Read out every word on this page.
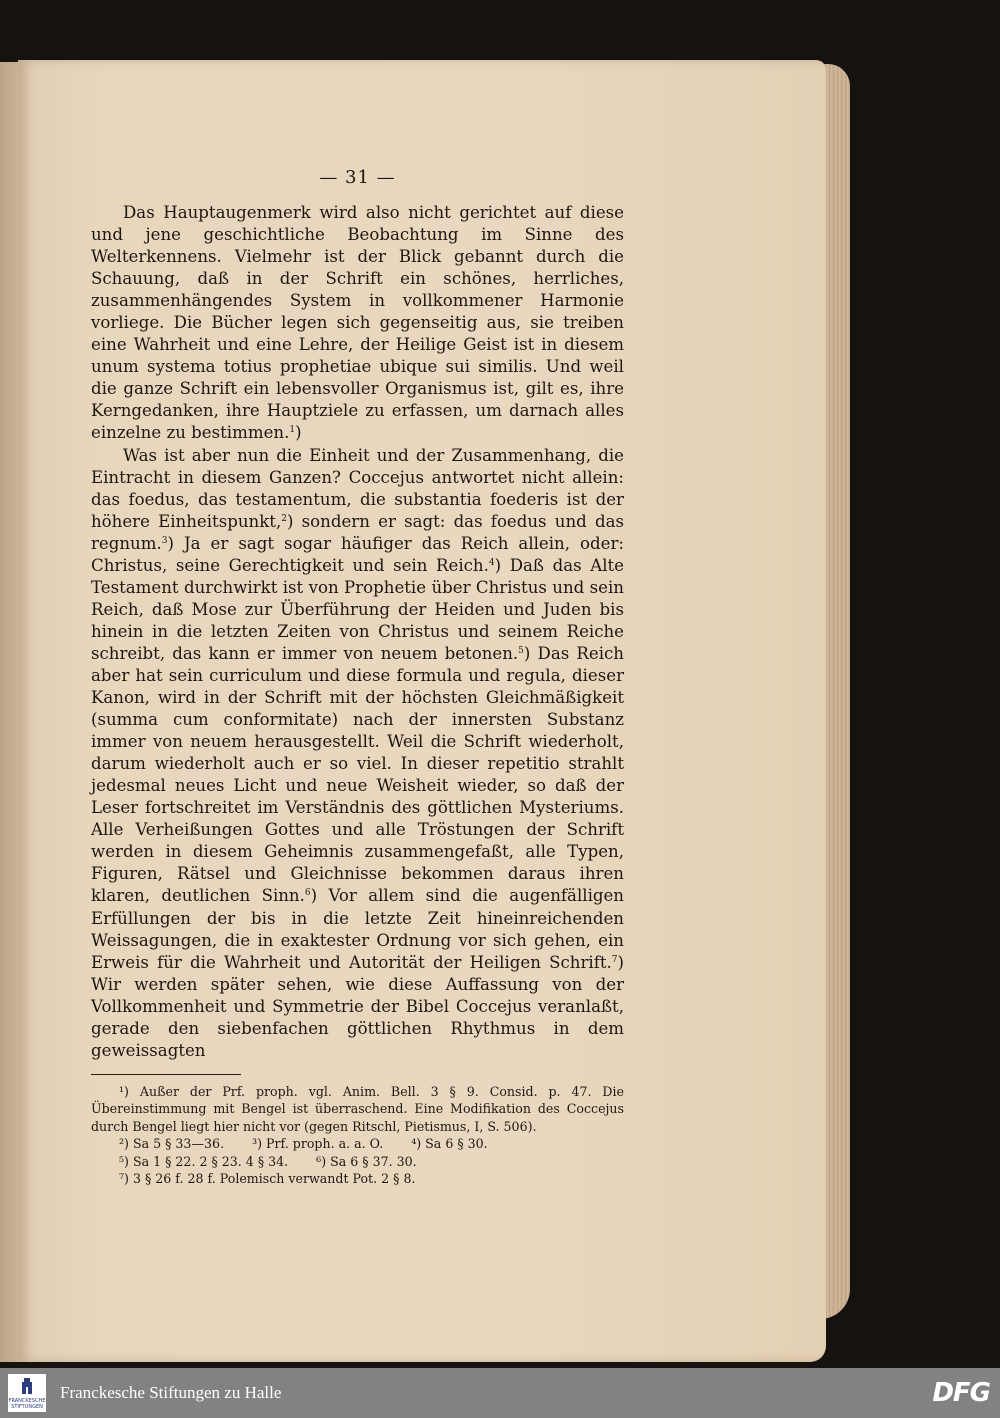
— 31 —

Das Hauptaugenmerk wird also nicht gerichtet auf diese und jene geschichtliche Beobachtung im Sinne des Welterkennens. Vielmehr ist der Blick gebannt durch die Schauung, daß in der Schrift ein schönes, herrliches, zusammenhängendes System in vollkommener Harmonie vorliege. Die Bücher legen sich gegenseitig aus, sie treiben eine Wahrheit und eine Lehre, der Heilige Geist ist in diesem unum systema totius prophetiae ubique sui similis. Und weil die ganze Schrift ein lebensvoller Organismus ist, gilt es, ihre Kerngedanken, ihre Hauptziele zu erfassen, um darnach alles einzelne zu bestimmen.$^1$)

Was ist aber nun die Einheit und der Zusammenhang, die Eintracht in diesem Ganzen? Coccejus antwortet nicht allein: das foedus, das testamentum, die substantia foederis ist der höhere Einheitspunkt,$^2$) sondern er sagt: das foedus und das regnum.$^3$) Ja er sagt sogar häufiger das Reich allein, oder: Christus, seine Gerechtigkeit und sein Reich.$^4$) Daß das Alte Testament durchwirkt ist von Prophetie über Christus und sein Reich, daß Mose zur Überführung der Heiden und Juden bis hinein in die letzten Zeiten von Christus und seinem Reiche schreibt, das kann er immer von neuem betonen.$^5$) Das Reich aber hat sein curriculum und diese formula und regula, dieser Kanon, wird in der Schrift mit der höchsten Gleichmäßigkeit (summa cum conformitate) nach der innersten Substanz immer von neuem herausgestellt. Weil die Schrift wiederholt, darum wiederholt auch er so viel. In dieser repetitio strahlt jedesmal neues Licht und neue Weisheit wieder, so daß der Leser fortschreitet im Verständnis des göttlichen Mysteriums. Alle Verheißungen Gottes und alle Tröstungen der Schrift werden in diesem Geheimnis zusammengefaßt, alle Typen, Figuren, Rätsel und Gleichnisse bekommen daraus ihren klaren, deutlichen Sinn.$^6$) Vor allem sind die augenfälligen Erfüllungen der bis in die letzte Zeit hineinreichenden Weissagungen, die in exaktester Ordnung vor sich gehen, ein Erweis für die Wahrheit und Autorität der Heiligen Schrift.$^7$) Wir werden später sehen, wie diese Auffassung von der Vollkommenheit und Symmetrie der Bibel Coccejus veranlaßt, gerade den siebenfachen göttlichen Rhythmus in dem geweissagten

¹) Außer der Prf. proph. vgl. Anim. Bell. 3 § 9. Consid. p. 47. Die Übereinstimmung mit Bengel ist überraschend. Eine Modifikation des Coccejus durch Bengel liegt hier nicht vor (gegen Ritschl, Pietismus, I, S. 506).

²) Sa 5 § 33—36. ³) Prf. proph. a. a. O. ⁴) Sa 6 § 30.

⁵) Sa 1 § 22. 2 § 23. 4 § 34. ⁶) Sa 6 § 37. 30.

⁷) 3 § 26 f. 28 f. Polemisch verwandt Pot. 2 § 8.

FRANCKESCHE
STIFTUNGEN
Franckesche Stiftungen zu Halle	DFG
